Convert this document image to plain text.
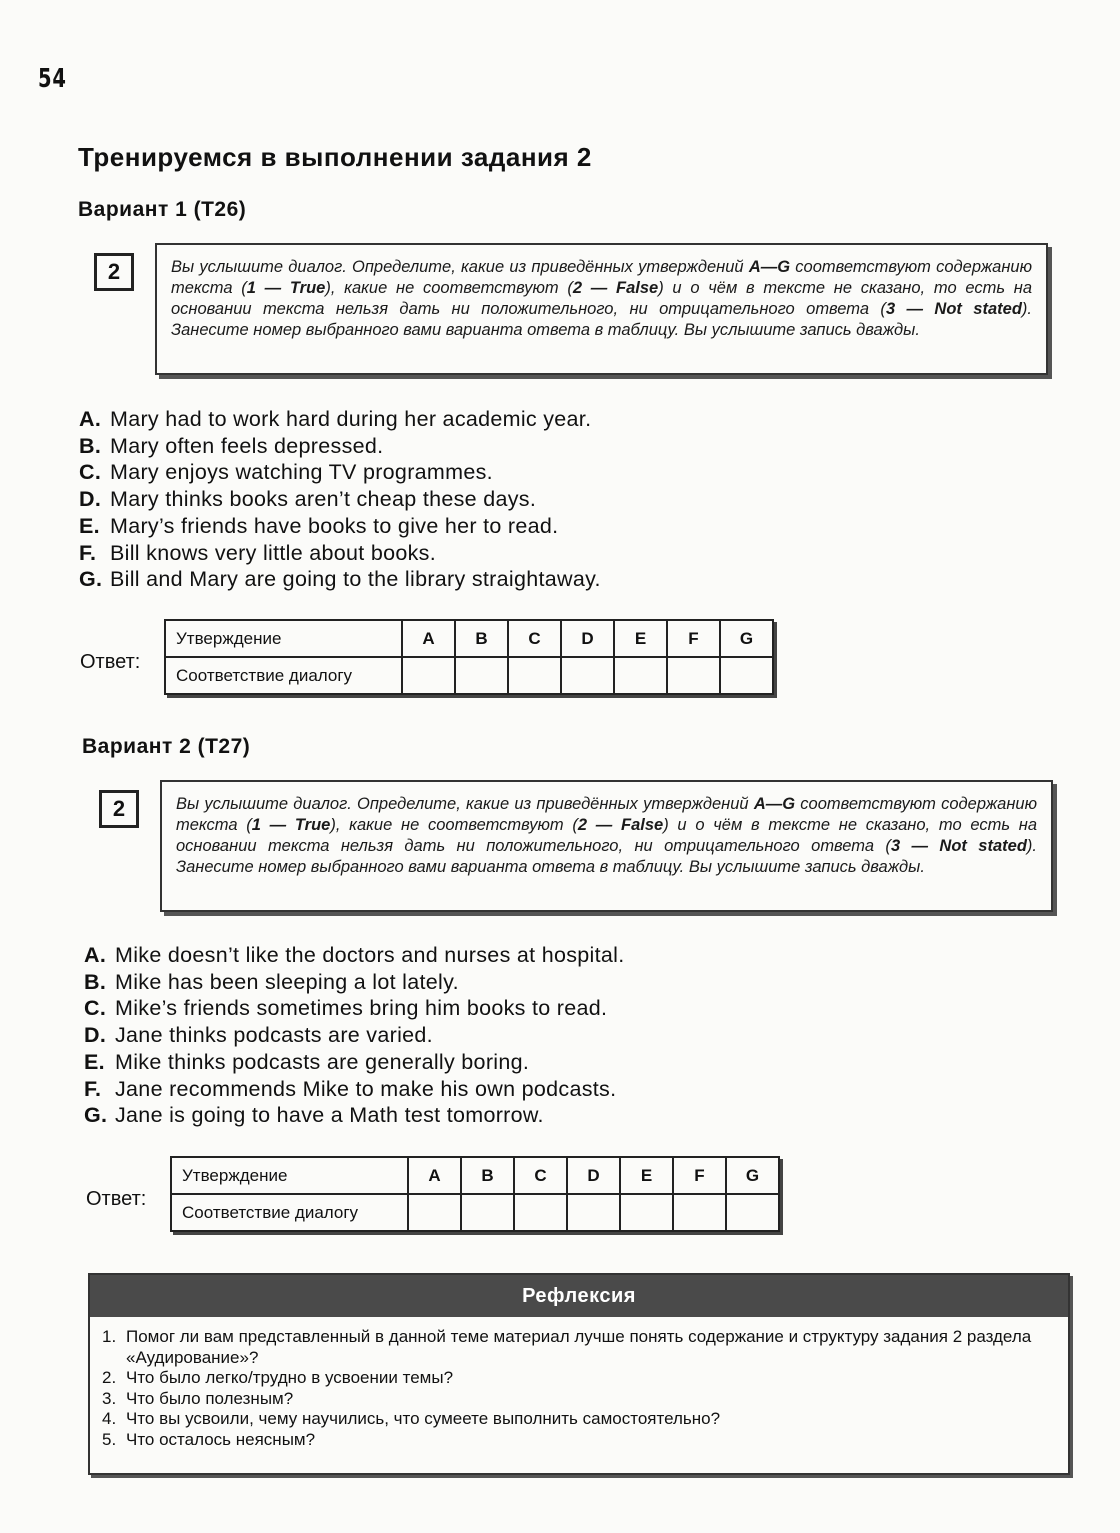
54
Тренируемся в выполнении задания 2
Вариант 1 (T26)
2	Вы услышите диалог. Определите, какие из приведённых утверждений A—G соответствуют содержанию текста (1 — True), какие не соответствуют (2 — False) и о чём в тексте не сказано, то есть на основании текста нельзя дать ни положительного, ни отрицательного ответа (3 — Not stated). Занесите номер выбранного вами варианта ответа в таблицу. Вы услышите запись дважды.
A. Mary had to work hard during her academic year.
B. Mary often feels depressed.
C. Mary enjoys watching TV programmes.
D. Mary thinks books aren’t cheap these days.
E. Mary’s friends have books to give her to read.
F. Bill knows very little about books.
G. Bill and Mary are going to the library straightaway.
Ответ:
Утверждение	A	B	C	D	E	F	G
Соответствие диалогу							
Вариант 2 (T27)
2	Вы услышите диалог. Определите, какие из приведённых утверждений A—G соответствуют содержанию текста (1 — True), какие не соответствуют (2 — False) и о чём в тексте не сказано, то есть на основании текста нельзя дать ни положительного, ни отрицательного ответа (3 — Not stated). Занесите номер выбранного вами варианта ответа в таблицу. Вы услышите запись дважды.
A. Mike doesn’t like the doctors and nurses at hospital.
B. Mike has been sleeping a lot lately.
C. Mike’s friends sometimes bring him books to read.
D. Jane thinks podcasts are varied.
E. Mike thinks podcasts are generally boring.
F. Jane recommends Mike to make his own podcasts.
G. Jane is going to have a Math test tomorrow.
Ответ:
Утверждение	A	B	C	D	E	F	G
Соответствие диалогу							
Рефлексия
1. Помог ли вам представленный в данной теме материал лучше понять содержание и структуру задания 2 раздела «Аудирование»?
2. Что было легко/трудно в усвоении темы?
3. Что было полезным?
4. Что вы усвоили, чему научились, что сумеете выполнить самостоятельно?
5. Что осталось неясным?
